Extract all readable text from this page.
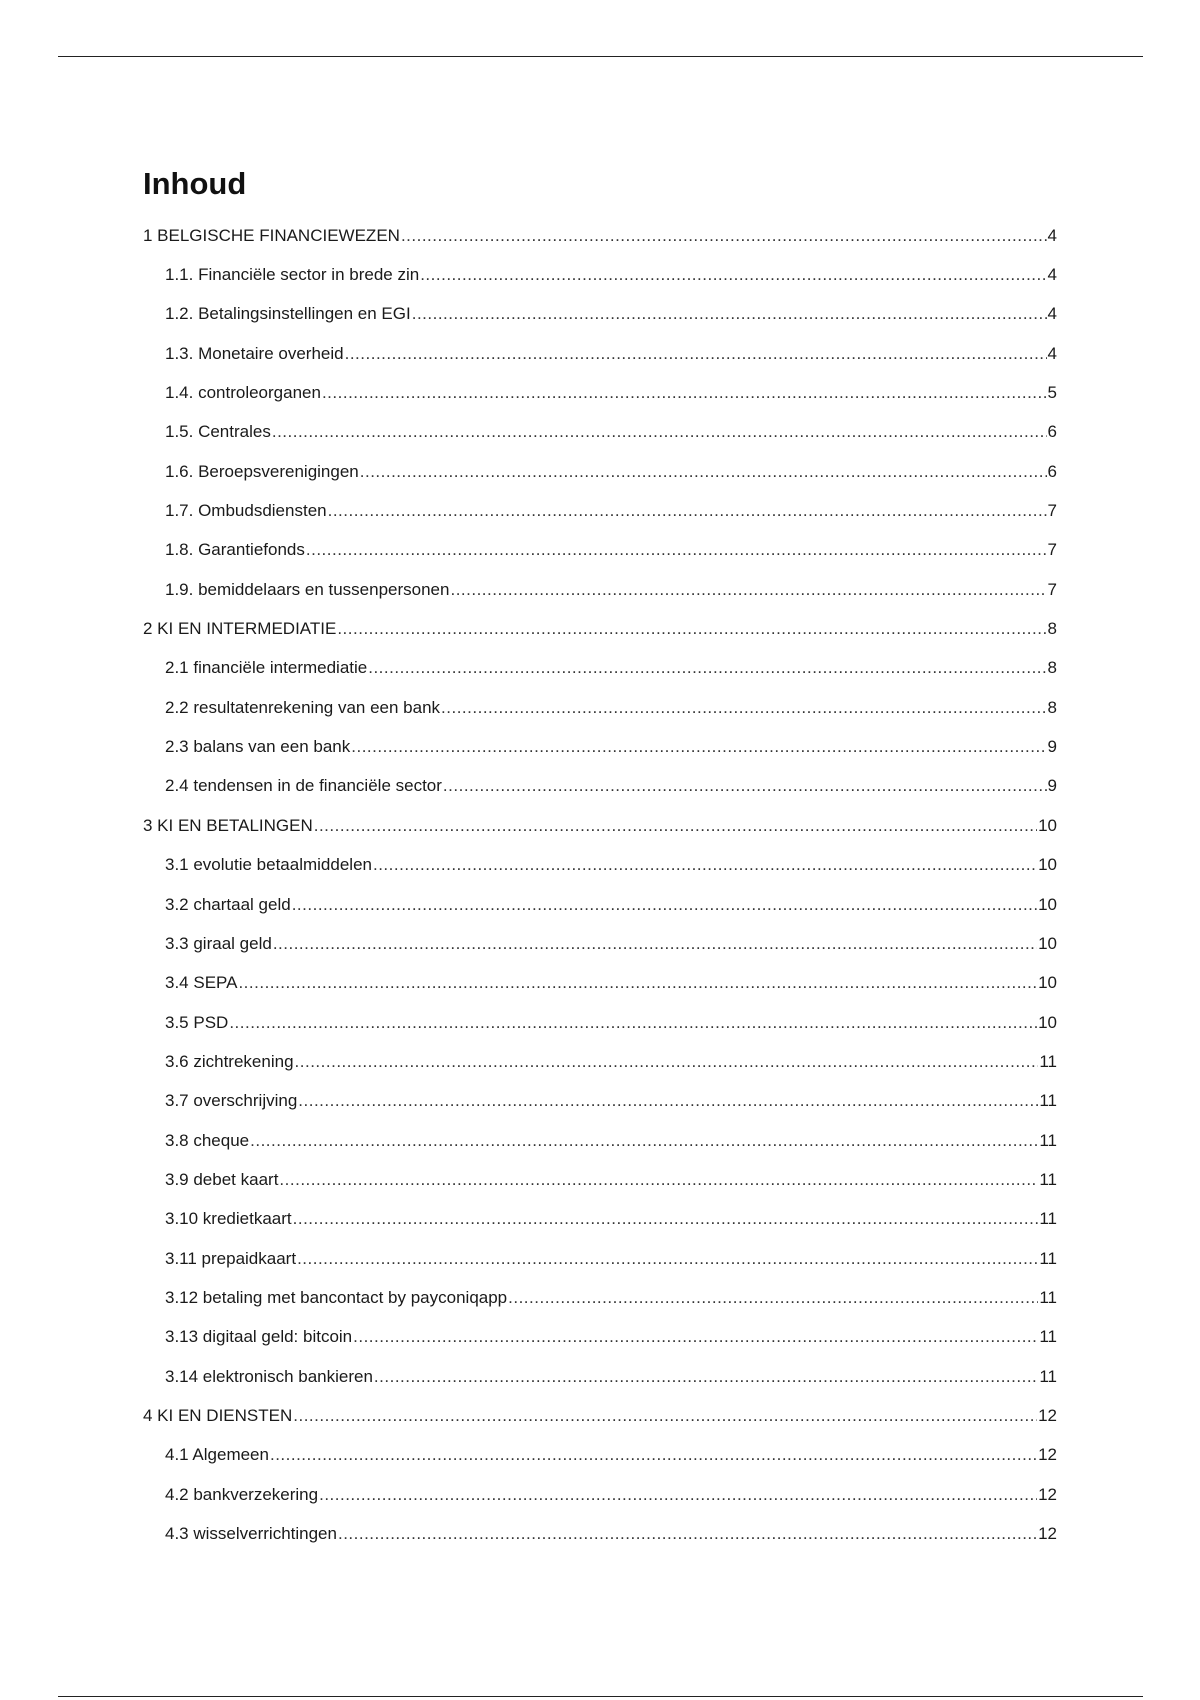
Inhoud
1 BELGISCHE FINANCIEWEZEN .....	4
1.1. Financiële sector in brede zin .....	4
1.2. Betalingsinstellingen en EGI .....	4
1.3. Monetaire overheid .....	4
1.4. controleorganen .....	5
1.5. Centrales .....	6
1.6. Beroepsverenigingen .....	6
1.7. Ombudsdiensten .....	7
1.8. Garantiefonds .....	7
1.9. bemiddelaars en tussenpersonen .....	7
2 KI EN INTERMEDIATIE .....	8
2.1 financiële intermediatie .....	8
2.2 resultatenrekening van een bank .....	8
2.3 balans van een bank .....	9
2.4 tendensen in de financiële sector .....	9
3 KI EN BETALINGEN .....	10
3.1 evolutie betaalmiddelen .....	10
3.2 chartaal geld .....	10
3.3 giraal geld .....	10
3.4 SEPA .....	10
3.5 PSD .....	10
3.6 zichtrekening .....	11
3.7 overschrijving .....	11
3.8 cheque .....	11
3.9 debet kaart .....	11
3.10 kredietkaart .....	11
3.11 prepaidkaart .....	11
3.12 betaling met bancontact by payconiqapp .....	11
3.13 digitaal geld: bitcoin .....	11
3.14 elektronisch bankieren .....	11
4 KI EN DIENSTEN .....	12
4.1 Algemeen .....	12
4.2 bankverzekering .....	12
4.3 wisselverrichtingen .....	12
